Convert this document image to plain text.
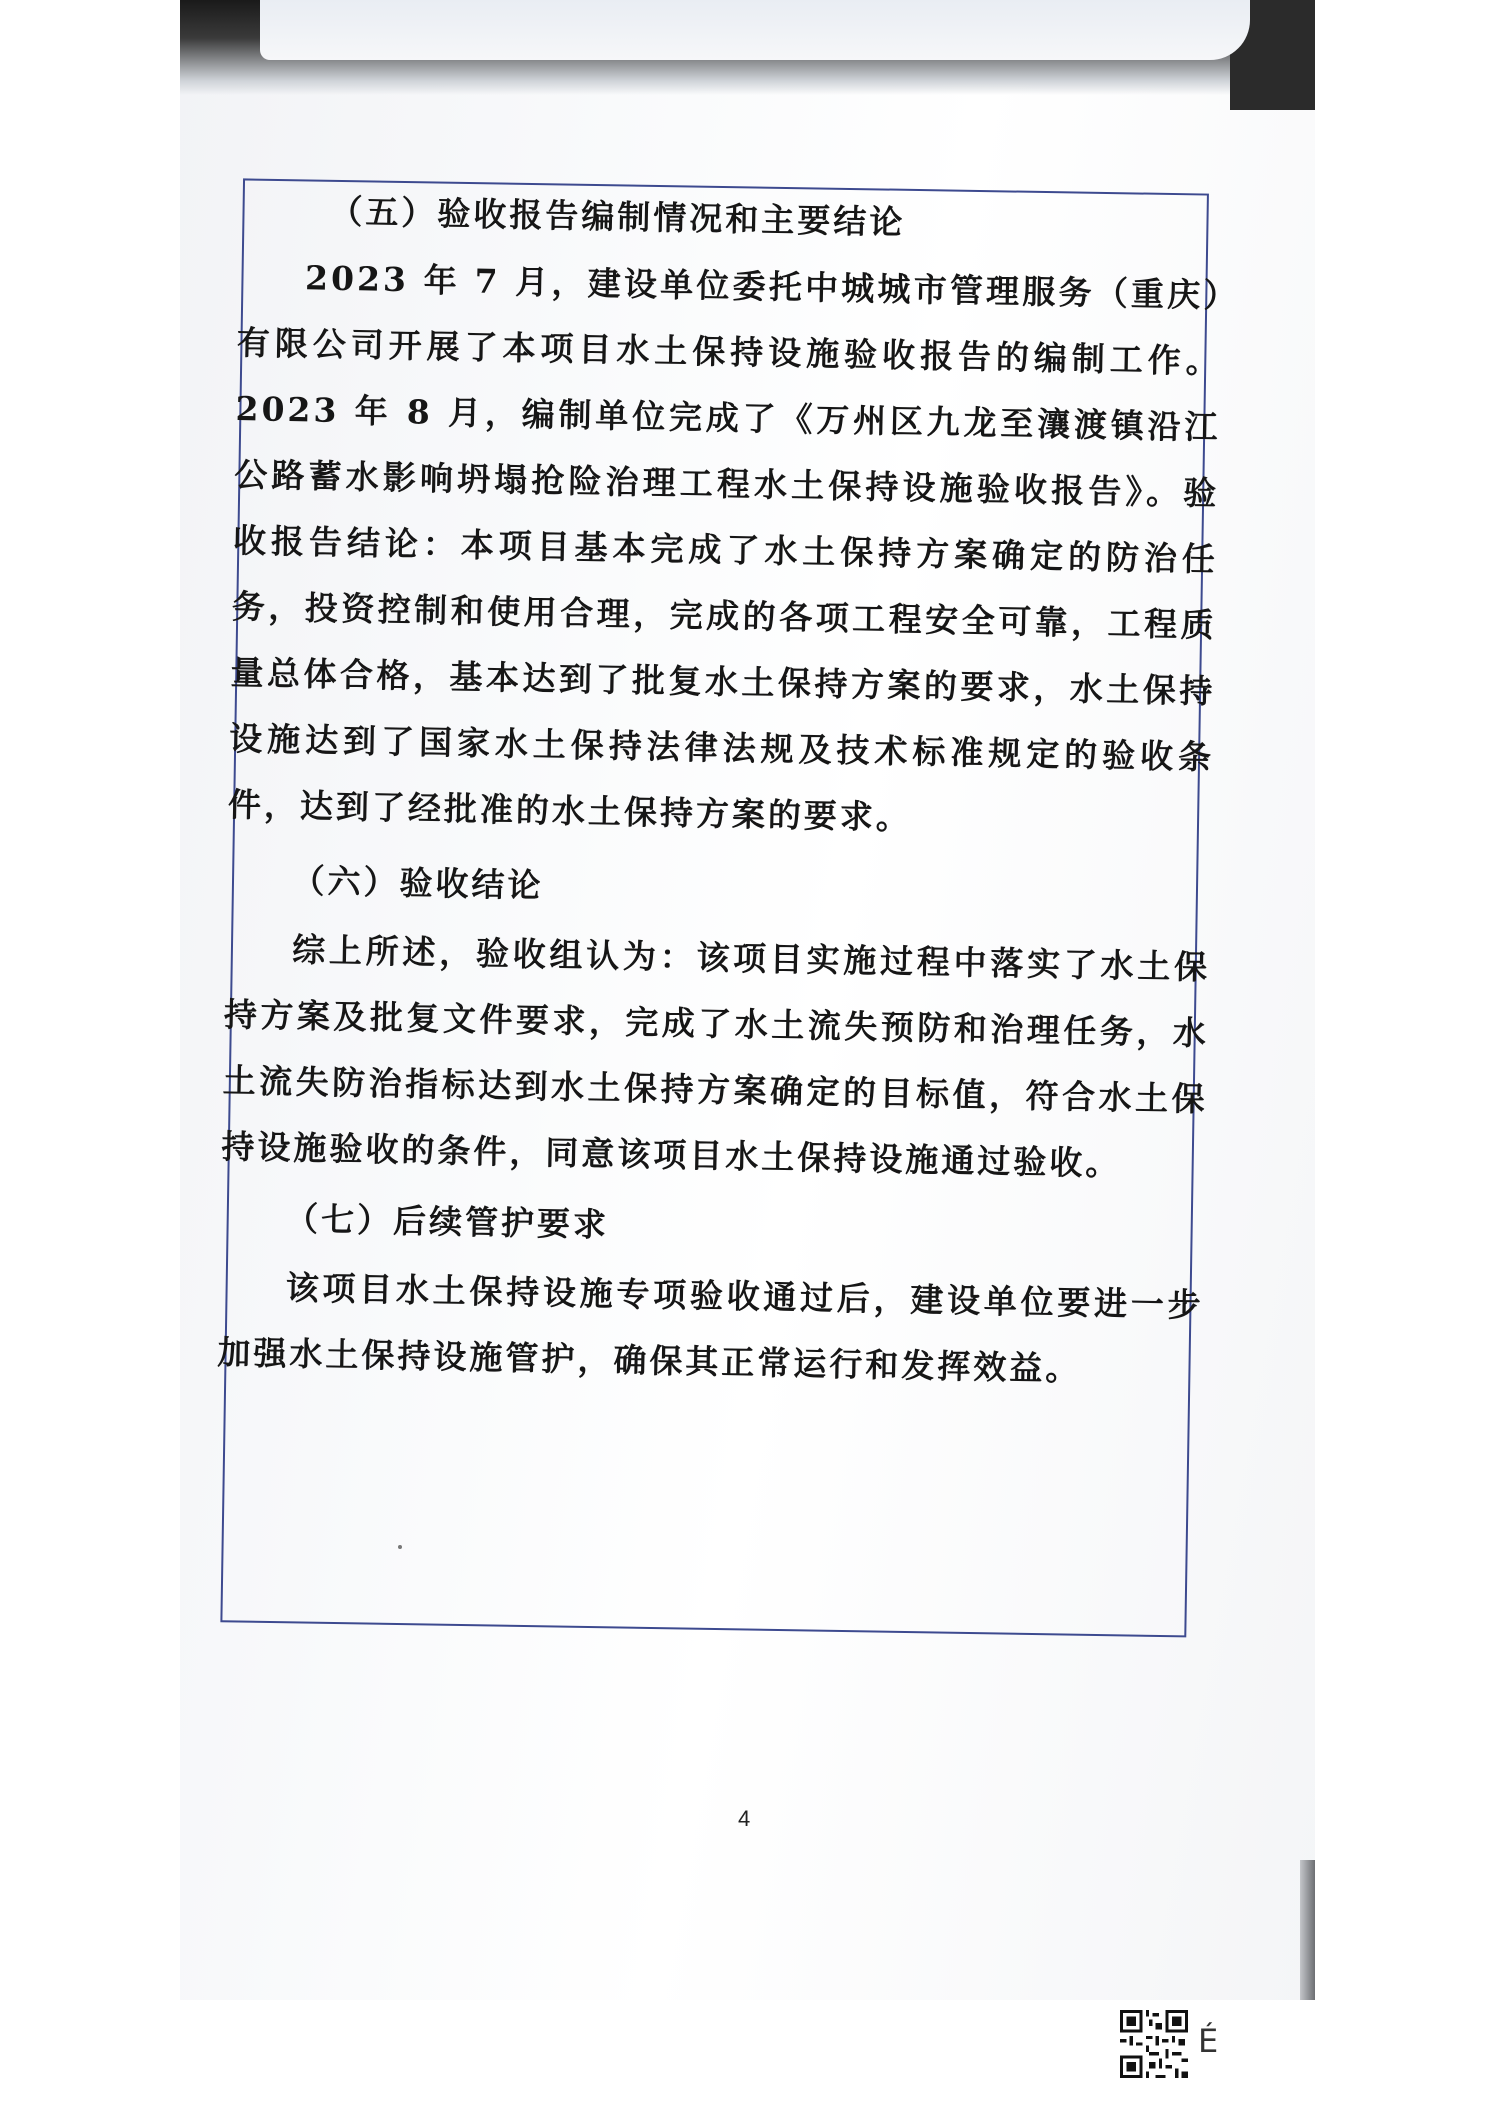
（五）验收报告编制情况和主要结论

2023 年 7 月，建设单位委托中城城市管理服务（重庆）有限公司开展了本项目水土保持设施验收报告的编制工作。2023 年 8 月，编制单位完成了《万州区九龙至瀼渡镇沿江公路蓄水影响坍塌抢险治理工程水土保持设施验收报告》。验收报告结论：本项目基本完成了水土保持方案确定的防治任务，投资控制和使用合理，完成的各项工程安全可靠，工程质量总体合格，基本达到了批复水土保持方案的要求，水土保持设施达到了国家水土保持法律法规及技术标准规定的验收条件，达到了经批准的水土保持方案的要求。

（六）验收结论

综上所述，验收组认为：该项目实施过程中落实了水土保持方案及批复文件要求，完成了水土流失预防和治理任务，水土流失防治指标达到水土保持方案确定的目标值，符合水土保持设施验收的条件，同意该项目水土保持设施通过验收。

（七）后续管护要求

该项目水土保持设施专项验收通过后，建设单位要进一步加强水土保持设施管护，确保其正常运行和发挥效益。

4
É
